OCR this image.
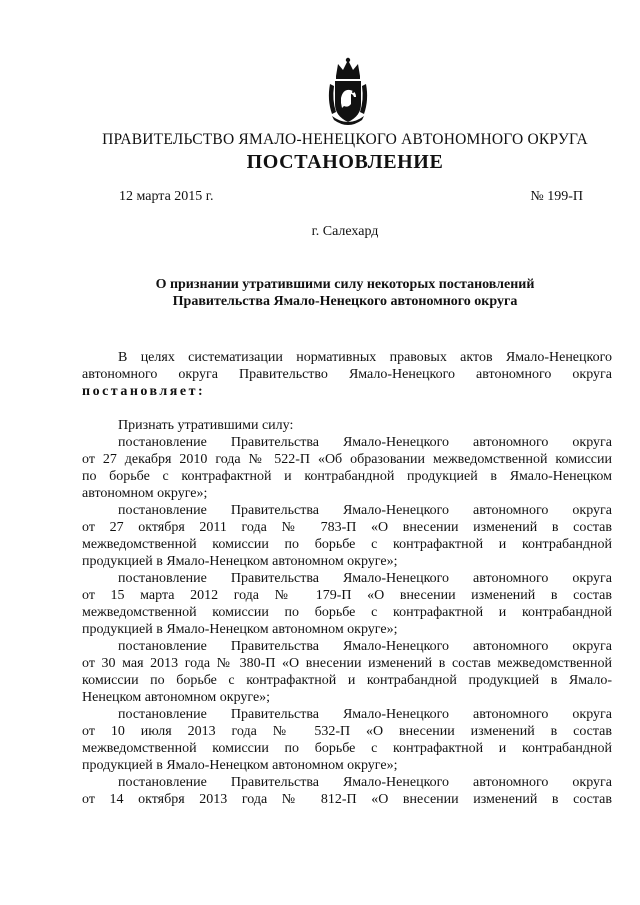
ПРАВИТЕЛЬСТВО ЯМАЛО-НЕНЕЦКОГО АВТОНОМНОГО ОКРУГА
ПОСТАНОВЛЕНИЕ
12 марта 2015 г.	№ 199-П
г. Салехард
О признании утратившими силу некоторых постановлений
Правительства Ямало-Ненецкого автономного округа
В целях систематизации нормативных правовых актов Ямало-Ненецкого
автономного округа Правительство Ямало-Ненецкого автономного округа
постановляет:
Признать утратившими силу:
постановление Правительства Ямало-Ненецкого автономного округа
от 27 декабря 2010 года № 522-П «Об образовании межведомственной комиссии
по борьбе с контрафактной и контрабандной продукцией в Ямало-Ненецком
автономном округе»;
постановление Правительства Ямало-Ненецкого автономного округа
от 27 октября 2011 года № 783-П «О внесении изменений в состав
межведомственной комиссии по борьбе с контрафактной и контрабандной
продукцией в Ямало-Ненецком автономном округе»;
постановление Правительства Ямало-Ненецкого автономного округа
от 15 марта 2012 года № 179-П «О внесении изменений в состав
межведомственной комиссии по борьбе с контрафактной и контрабандной
продукцией в Ямало-Ненецком автономном округе»;
постановление Правительства Ямало-Ненецкого автономного округа
от 30 мая 2013 года № 380-П «О внесении изменений в состав межведомственной
комиссии по борьбе с контрафактной и контрабандной продукцией в Ямало-
Ненецком автономном округе»;
постановление Правительства Ямало-Ненецкого автономного округа
от 10 июля 2013 года № 532-П «О внесении изменений в состав
межведомственной комиссии по борьбе с контрафактной и контрабандной
продукцией в Ямало-Ненецком автономном округе»;
постановление Правительства Ямало-Ненецкого автономного округа
от 14 октября 2013 года № 812-П «О внесении изменений в состав
